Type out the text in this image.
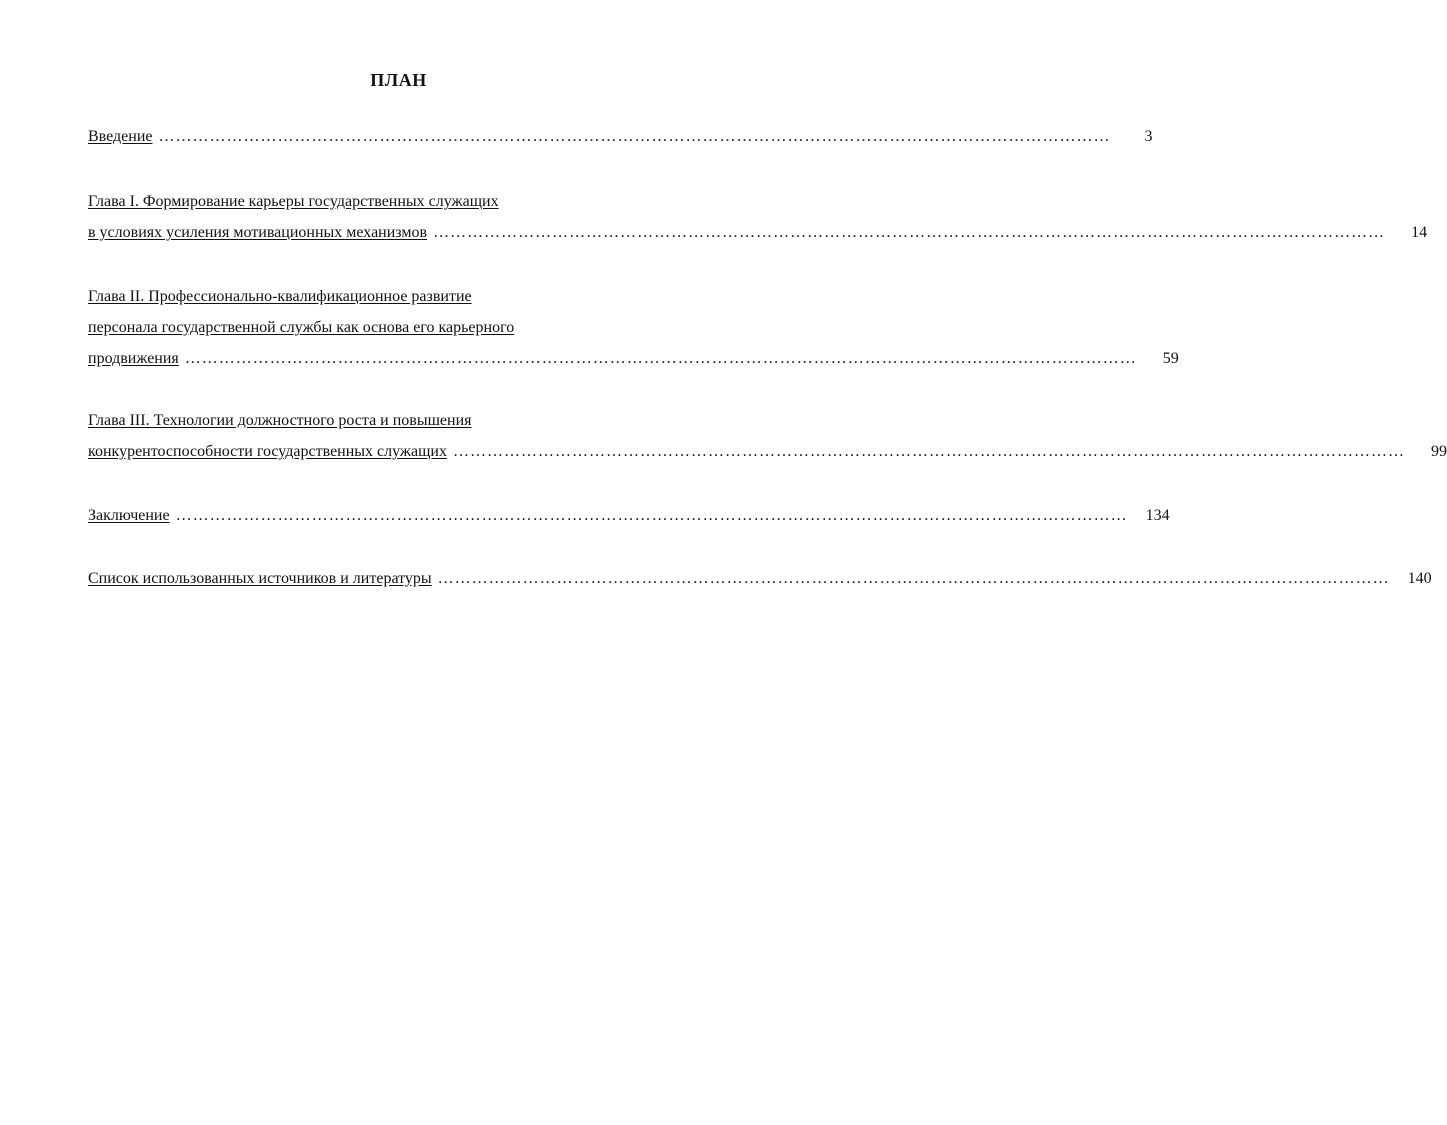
ПЛАН
Введение ……………………………………………………………………………………………………………………………………………………	3
Глава I. Формирование карьеры государственных служащих
в условиях усиления мотивационных механизмов ……………………………………………………………………………………………………………………………………………………	14
Глава II. Профессионально-квалификационное развитие
персонала государственной службы как основа его карьерного
продвижения ……………………………………………………………………………………………………………………………………………………	59
Глава III. Технологии должностного роста и повышения
конкурентоспособности государственных служащих ……………………………………………………………………………………………………………………………………………………	99
Заключение ……………………………………………………………………………………………………………………………………………………	134
Список использованных источников и литературы ……………………………………………………………………………………………………………………………………………………	140
